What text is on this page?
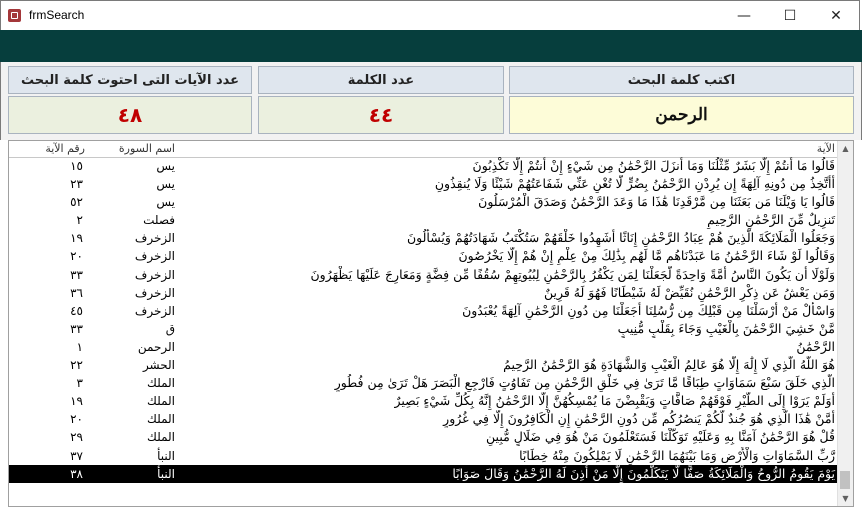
frmSearch	—	☐	✕
عدد الآيات التى احتوت كلمة البحث	عدد الكلمة	اكتب كلمة البحث
٤٨	٤٤	الرحمن
رقم الآية	اسم السورة	الآية
١٥	يس	قَالُوا مَا أَنتُمْ إِلَّا بَشَرٌ مِّثْلُنَا وَمَا أَنزَلَ الرَّحْمَٰنُ مِن شَيْءٍ إِنْ أَنتُمْ إِلَّا تَكْذِبُونَ
٢٣	يس	أَأَتَّخِذُ مِن دُونِهِ آلِهَةً إِن يُرِدْنِ الرَّحْمَٰنُ بِضُرٍّ لَّا تُغْنِ عَنِّي شَفَاعَتُهُمْ شَيْئًا وَلَا يُنقِذُونِ
٥٢	يس	قَالُوا يَا وَيْلَنَا مَن بَعَثَنَا مِن مَّرْقَدِنَا هَٰذَا مَا وَعَدَ الرَّحْمَٰنُ وَصَدَقَ الْمُرْسَلُونَ
٢	فصلت	تَنزِيلٌ مِّنَ الرَّحْمَٰنِ الرَّحِيمِ
١٩	الزخرف	وَجَعَلُوا الْمَلَائِكَةَ الَّذِينَ هُمْ عِبَادُ الرَّحْمَٰنِ إِنَاثًا أَشَهِدُوا خَلْقَهُمْ سَتُكْتَبُ شَهَادَتُهُمْ وَيُسْأَلُونَ
٢٠	الزخرف	وَقَالُوا لَوْ شَاءَ الرَّحْمَٰنُ مَا عَبَدْنَاهُم مَّا لَهُم بِذَٰلِكَ مِنْ عِلْمٍ إِنْ هُمْ إِلَّا يَخْرُصُونَ
٣٣	الزخرف	وَلَوْلَا أَن يَكُونَ النَّاسُ أُمَّةً وَاحِدَةً لَّجَعَلْنَا لِمَن يَكْفُرُ بِالرَّحْمَٰنِ لِبُيُوتِهِمْ سُقُفًا مِّن فِضَّةٍ وَمَعَارِجَ عَلَيْهَا يَظْهَرُونَ
٣٦	الزخرف	وَمَن يَعْشُ عَن ذِكْرِ الرَّحْمَٰنِ نُقَيِّضْ لَهُ شَيْطَانًا فَهُوَ لَهُ قَرِينٌ
٤٥	الزخرف	وَاسْأَلْ مَنْ أَرْسَلْنَا مِن قَبْلِكَ مِن رُّسُلِنَا أَجَعَلْنَا مِن دُونِ الرَّحْمَٰنِ آلِهَةً يُعْبَدُونَ
٣٣	ق	مَّنْ خَشِيَ الرَّحْمَٰنَ بِالْغَيْبِ وَجَاءَ بِقَلْبٍ مُّنِيبٍ
١	الرحمن	الرَّحْمَٰنُ
٢٢	الحشر	هُوَ اللَّهُ الَّذِي لَا إِلَٰهَ إِلَّا هُوَ عَالِمُ الْغَيْبِ وَالشَّهَادَةِ هُوَ الرَّحْمَٰنُ الرَّحِيمُ
٣	الملك	الَّذِي خَلَقَ سَبْعَ سَمَاوَاتٍ طِبَاقًا مَّا تَرَىٰ فِي خَلْقِ الرَّحْمَٰنِ مِن تَفَاوُتٍ فَارْجِعِ الْبَصَرَ هَلْ تَرَىٰ مِن فُطُورٍ
١٩	الملك	أَوَلَمْ يَرَوْا إِلَى الطَّيْرِ فَوْقَهُمْ صَافَّاتٍ وَيَقْبِضْنَ مَا يُمْسِكُهُنَّ إِلَّا الرَّحْمَٰنُ إِنَّهُ بِكُلِّ شَيْءٍ بَصِيرٌ
٢٠	الملك	أَمَّنْ هَٰذَا الَّذِي هُوَ جُندٌ لَّكُمْ يَنصُرُكُم مِّن دُونِ الرَّحْمَٰنِ إِنِ الْكَافِرُونَ إِلَّا فِي غُرُورٍ
٢٩	الملك	قُلْ هُوَ الرَّحْمَٰنُ آمَنَّا بِهِ وَعَلَيْهِ تَوَكَّلْنَا فَسَتَعْلَمُونَ مَنْ هُوَ فِي ضَلَالٍ مُّبِينٍ
٣٧	النبأ	رَّبِّ السَّمَاوَاتِ وَالْأَرْضِ وَمَا بَيْنَهُمَا الرَّحْمَٰنِ لَا يَمْلِكُونَ مِنْهُ خِطَابًا
٣٨	النبأ	يَوْمَ يَقُومُ الرُّوحُ وَالْمَلَائِكَةُ صَفًّا لَّا يَتَكَلَّمُونَ إِلَّا مَنْ أَذِنَ لَهُ الرَّحْمَٰنُ وَقَالَ صَوَابًا
▲
▼
